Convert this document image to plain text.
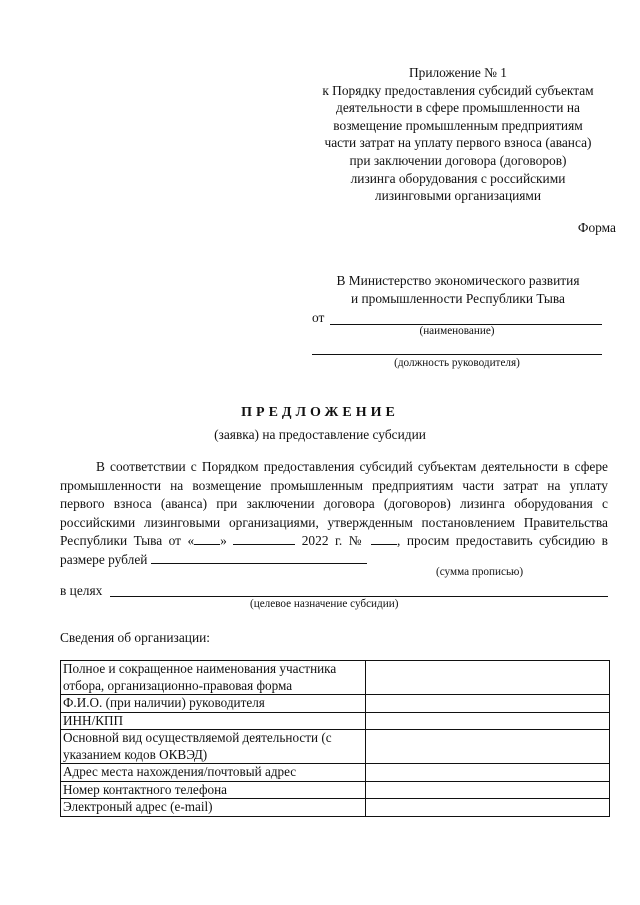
Приложение № 1
к Порядку предоставления субсидий субъектам
деятельности в сфере промышленности на
возмещение промышленным предприятиям
части затрат на уплату первого взноса (аванса)
при заключении договора (договоров)
лизинга оборудования с российскими
лизинговыми организациями
Форма
В Министерство экономического развития
и промышленности Республики Тыва
от
(наименование)
(должность руководителя)
ПРЕДЛОЖЕНИЕ
(заявка) на предоставление субсидии

В соответствии с Порядком предоставления субсидий субъектам деятельности в сфере промышленности на возмещение промышленным предприятиям части затрат на уплату первого взноса (аванса) при заключении договора (договоров) лизинга оборудования с российскими лизинговыми организациями, утвержденным постановлением Правительства Республики Тыва от « »	2022 г. № , просим предоставить субсидию в размере рублей

(сумма прописью)
в целях
(целевое назначение субсидии)
Сведения об организации:
Полное и сокращенное наименования участника отбора, организационно-правовая форма	
Ф.И.О. (при наличии) руководителя	
ИНН/КПП	
Основной вид осуществляемой деятельности (с указанием кодов ОКВЭД)	
Адрес места нахождения/почтовый адрес	
Номер контактного телефона	
Электроный адрес (e-mail)	
